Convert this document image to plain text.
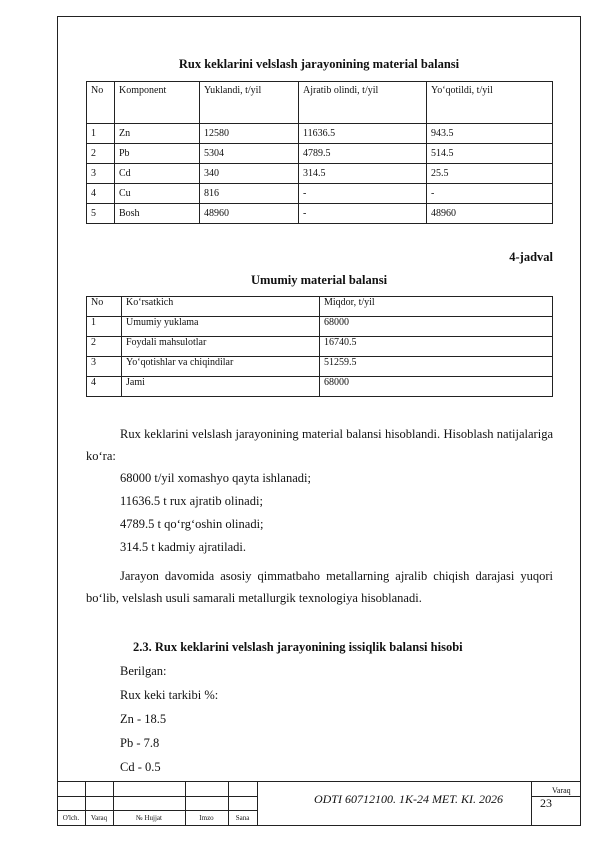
Rux keklarini velslash jarayonining material balansi
No	Komponent	Yuklandi, t/yil	Ajratib olindi, t/yil	Yo‘qotildi, t/yil
1	Zn	12580	11636.5	943.5
2	Pb	5304	4789.5	514.5
3	Cd	340	314.5	25.5
4	Cu	816	-	-
5	Bosh	48960	-	48960
4-jadval
Umumiy material balansi
No	Ko‘rsatkich	Miqdor, t/yil
1	Umumiy yuklama	68000
2	Foydali mahsulotlar	16740.5
3	Yo‘qotishlar va chiqindilar	51259.5
4	Jami	68000
Rux keklarini velslash jarayonining material balansi hisoblandi. Hisoblash natijalariga ko‘ra:
68000 t/yil xomashyo qayta ishlanadi;
11636.5 t rux ajratib olinadi;
4789.5 t qo‘rg‘oshin olinadi;
314.5 t kadmiy ajratiladi.
Jarayon davomida asosiy qimmatbaho metallarning ajralib chiqish darajasi yuqori bo‘lib, velslash usuli samarali metallurgik texnologiya hisoblanadi.
2.3. Rux keklarini velslash jarayonining issiqlik balansi hisobi
Berilgan:
Rux keki tarkibi %:
Zn - 18.5
Pb - 7.8
Cd - 0.5
O'lch.	Varaq	№ Hujjat	Imzo	Sana
ODTI 60712100. 1K-24 MET. KI. 2026
Varaq
23
